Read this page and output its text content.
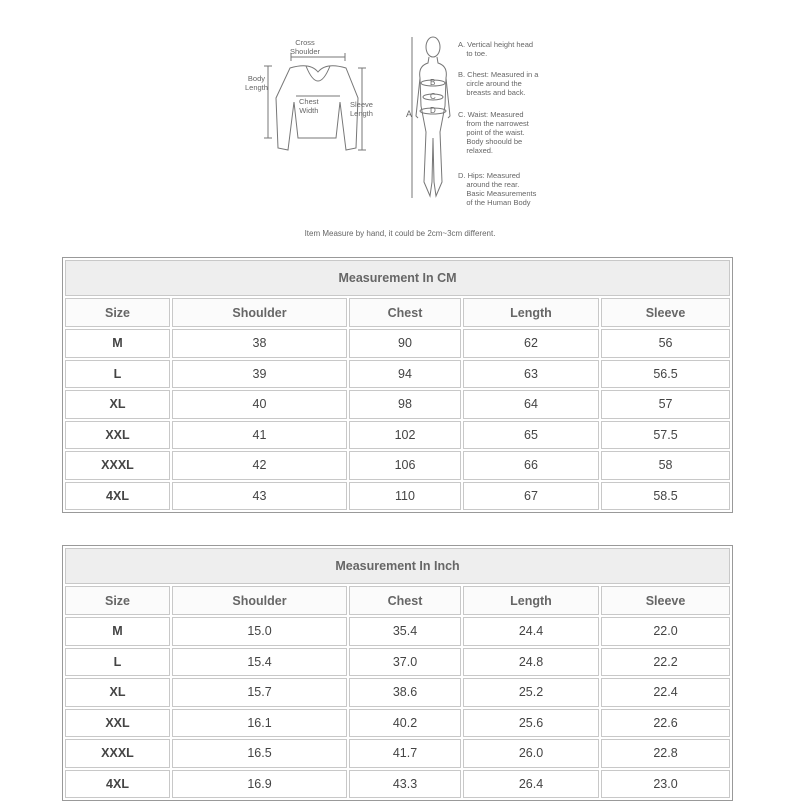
Cross
Shoulder
Body
Length
Chest
Width
Sleeve
Length	A
B
C
D
A. Vertical height head
to toe.
B. Chest: Measured in a
circle around the
breasts and back.
C. Waist: Measured
from the narrowest
point of the waist.
Body shoould be
relaxed.
D. Hips: Measured
around the rear.
Basic Measurements
of the Human Body
Item Measure by hand, it could be 2cm~3cm different.
Measurement In CM				
Size	Shoulder	Chest	Length	Sleeve
M	38	90	62	56
L	39	94	63	56.5
XL	40	98	64	57
XXL	41	102	65	57.5
XXXL	42	106	66	58
4XL	43	110	67	58.5
Measurement In Inch				
Size	Shoulder	Chest	Length	Sleeve
M	15.0	35.4	24.4	22.0
L	15.4	37.0	24.8	22.2
XL	15.7	38.6	25.2	22.4
XXL	16.1	40.2	25.6	22.6
XXXL	16.5	41.7	26.0	22.8
4XL	16.9	43.3	26.4	23.0
